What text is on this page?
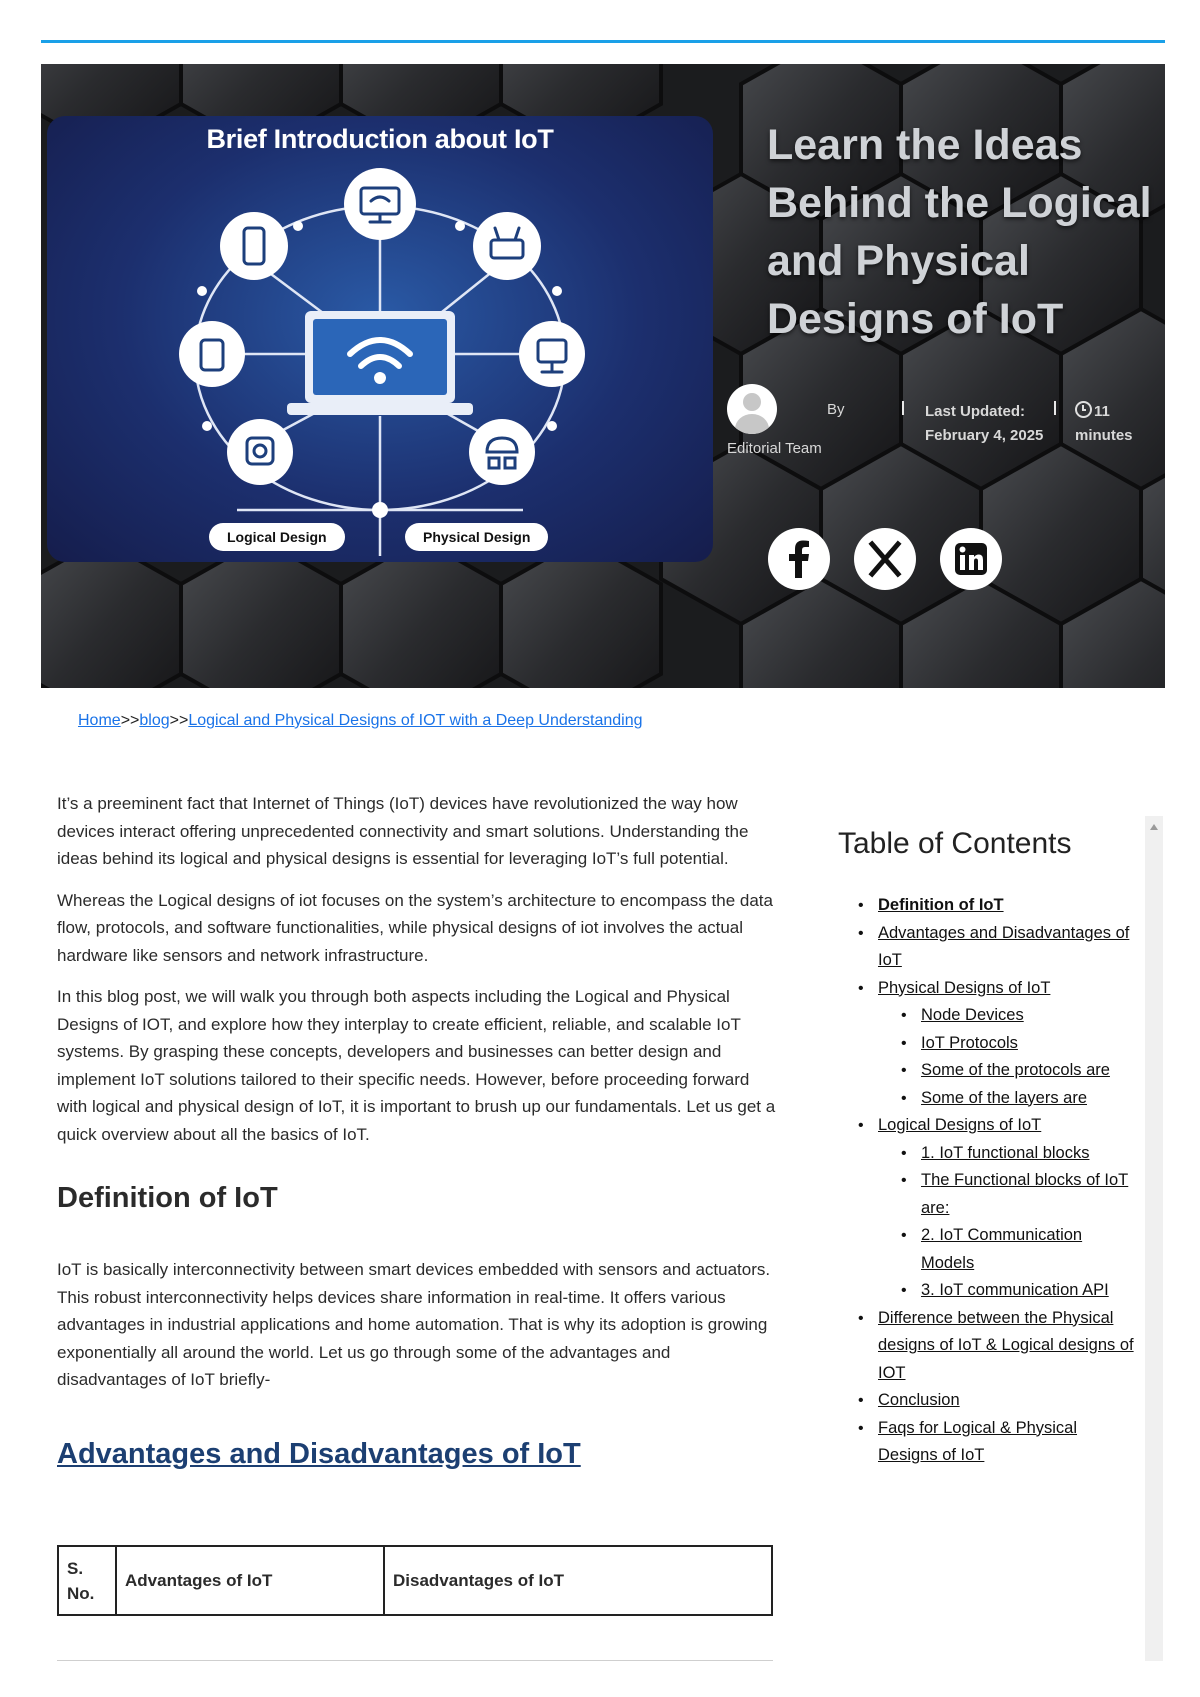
Brief Introduction about IoT
Logical Design	Physical Design
Learn the Ideas Behind the Logical and Physical Designs of IoT
By
Editorial Team
Last Updated:
February 4, 2025
11 minutes
Home>>blog>>Logical and Physical Designs of IOT with a Deep Understanding

It’s a preeminent fact that Internet of Things (IoT) devices have revolutionized the way how devices interact offering unprecedented connectivity and smart solutions. Understanding the ideas behind its logical and physical designs is essential for leveraging IoT’s full potential.

Whereas the Logical designs of iot focuses on the system’s architecture to encompass the data flow, protocols, and software functionalities, while physical designs of iot involves the actual hardware like sensors and network infrastructure.

In this blog post, we will walk you through both aspects including the Logical and Physical Designs of IOT, and explore how they interplay to create efficient, reliable, and scalable IoT systems. By grasping these concepts, developers and businesses can better design and implement IoT solutions tailored to their specific needs. However, before proceeding forward with logical and physical design of IoT, it is important to brush up our fundamentals. Let us get a quick overview about all the basics of IoT.

Definition of IoT

IoT is basically interconnectivity between smart devices embedded with sensors and actuators. This robust interconnectivity helps devices share information in real-time. It offers various advantages in industrial applications and home automation. That is why its adoption is growing exponentially all around the world. Let us go through some of the advantages and disadvantages of IoT briefly-

Advantages and Disadvantages of IoT
S. No.	Advantages of IoT	Disadvantages of IoT
Table of Contents
• Definition of IoT
• Advantages and Disadvantages of IoT
• Physical Designs of IoT
• Node Devices
• IoT Protocols
• Some of the protocols are
• Some of the layers are
• Logical Designs of IoT
• 1. IoT functional blocks
• The Functional blocks of IoT are:
• 2. IoT Communication Models
• 3. IoT communication API
• Difference between the Physical designs of IoT & Logical designs of IOT
• Conclusion
• Faqs for Logical & Physical Designs of IoT
